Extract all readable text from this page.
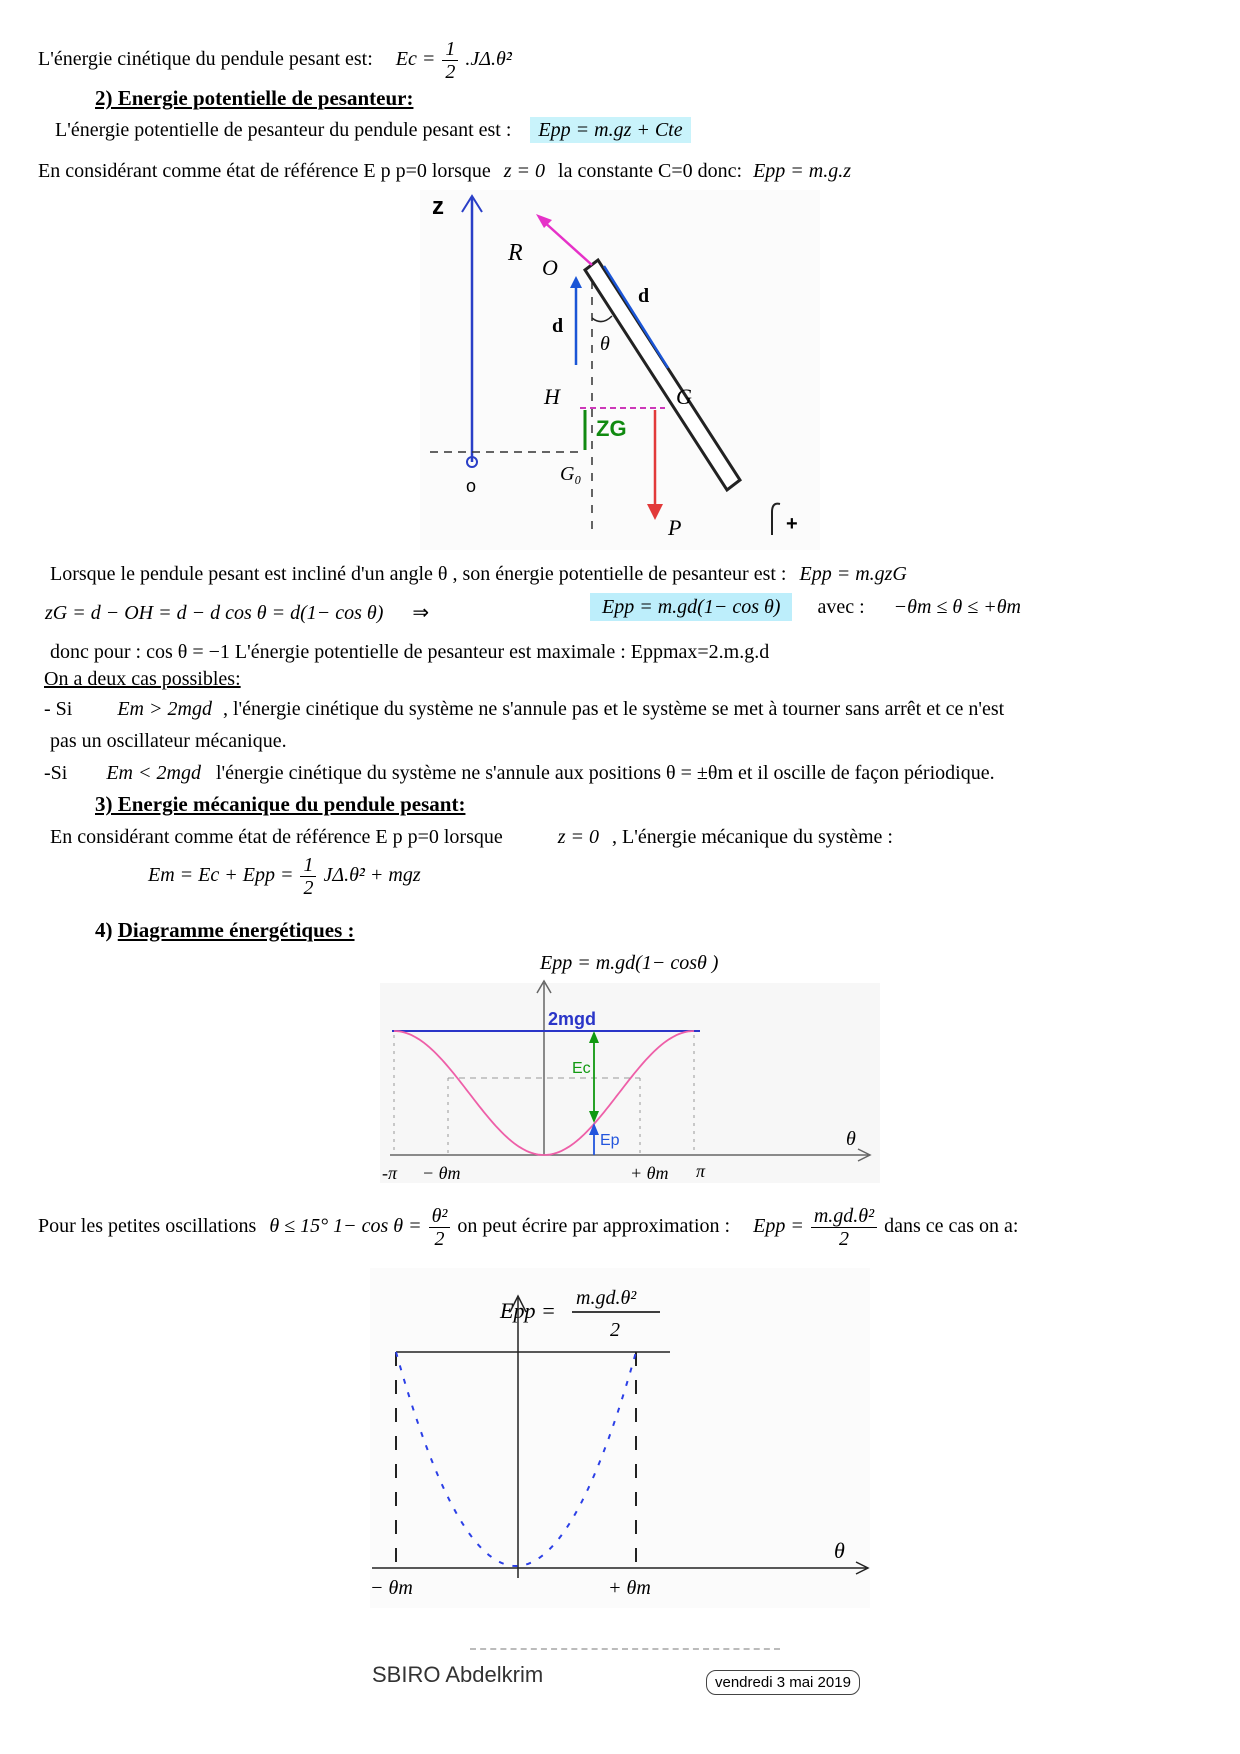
L'énergie cinétique du pendule pesant est: $Ec = \frac{1}{2}$ .JΔ.θ̇²
2) Energie potentielle de pesanteur:
L'énergie potentielle de pesanteur du pendule pesant est : Epp = m.gz + Cte
En considérant comme état de référence E p p=0 lorsque z = 0 la constante C=0 donc: Epp = m.g.z
z
o
R
O
d
d
θ
H	G
ZG
G₀
P	+
Lorsque le pendule pesant est incliné d'un angle θ , son énergie potentielle de pesanteur est : Epp = m.gzG
zG = d − OH = d − d cos θ = d(1− cos θ) ⇒	Epp = m.gd(1− cos θ) avec : −θm ≤ θ ≤ +θm
donc pour : cos θ = −1 L'énergie potentielle de pesanteur est maximale : Eppmax=2.m.g.d
On a deux cas possibles:
- Si Em > 2mgd , l'énergie cinétique du système ne s'annule pas et le système se met à tourner sans arrêt et ce n'est
pas un oscillateur mécanique.
-Si Em < 2mgd l'énergie cinétique du système ne s'annule aux positions θ = ±θm et il oscille de façon périodique.
3) Energie mécanique du pendule pesant:
En considérant comme état de référence E p p=0 lorsque	z = 0 , L'énergie mécanique du système :
Em = Ec + Epp = $\frac{1}{2}$ JΔ.θ̇² + mgz
4) Diagramme énergétiques :
Epp = m.gd(1− cosθ )
2mgd
Ec
Ep	θ
-π − θm	+ θm π
Pour les petites oscillations θ ≤ 15° $1- \cos \theta = \frac{\text{θ²}}{2}$ on peut écrire par approximation : Epp = $\frac{\text{m.gd.θ²}}{2}$ dans ce cas on a:
Epp = m.gd.θ²
2
θ
− θm	+ θm
SBIRO Abdelkrim	vendredi 3 mai 2019
